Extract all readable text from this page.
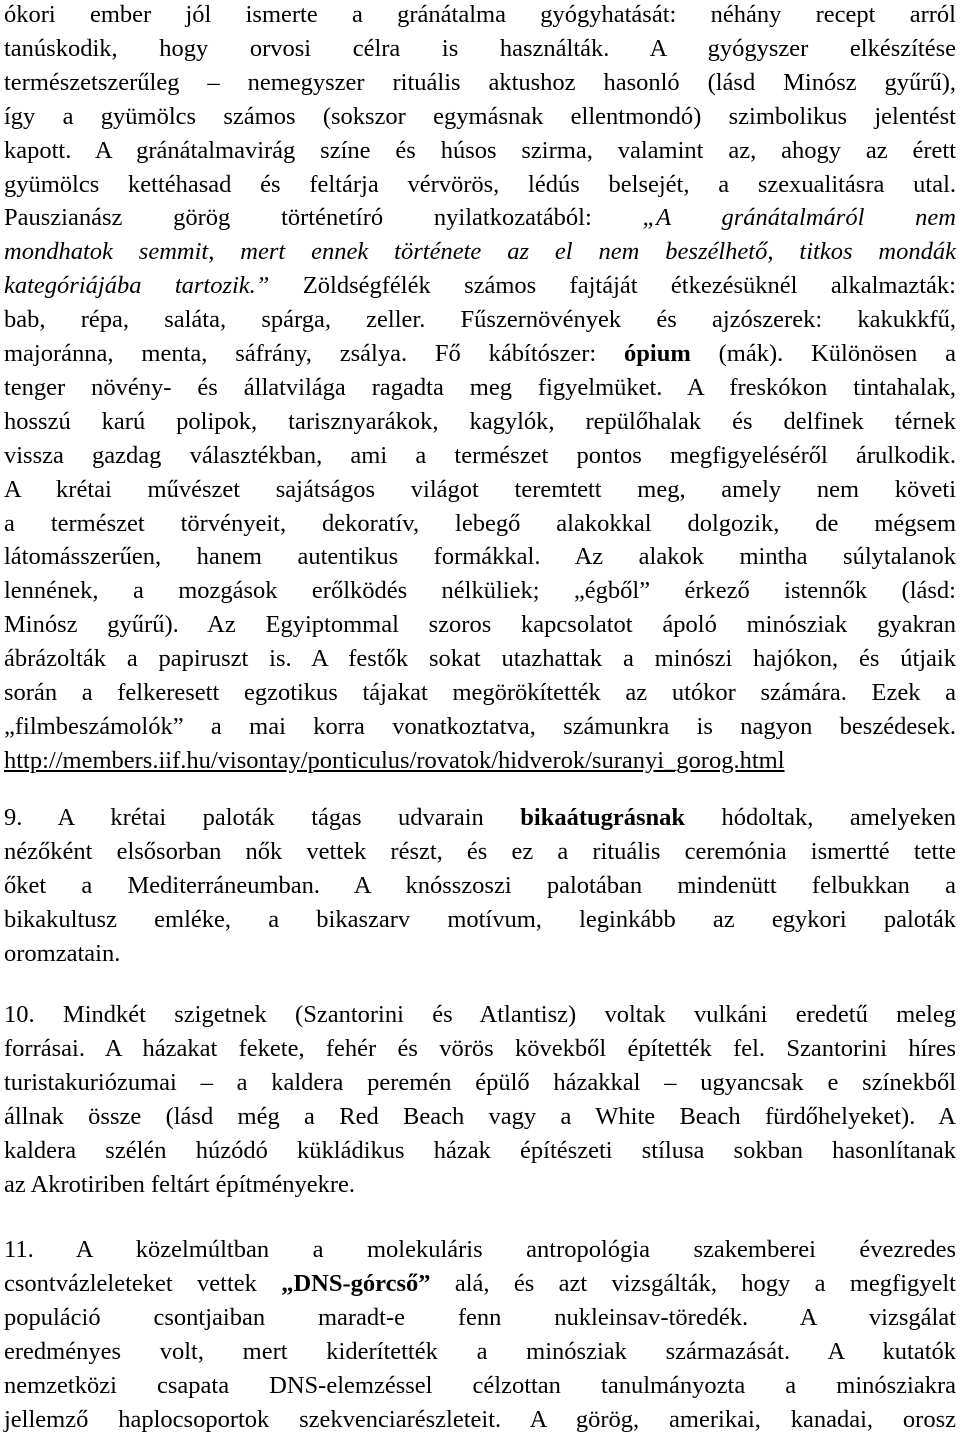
ókori ember jól ismerte a gránátalma gyógyhatását: néhány recept arról
tanúskodik, hogy orvosi célra is használták. A gyógyszer elkészítése
természetszerűleg – nemegyszer rituális aktushoz hasonló (lásd Minósz gyűrű),
így a gyümölcs számos (sokszor egymásnak ellentmondó) szimbolikus jelentést
kapott. A gránátalmavirág színe és húsos szirma, valamint az, ahogy az érett
gyümölcs kettéhasad és feltárja vérvörös, lédús belsejét, a szexualitásra utal.
Pauszianász görög történetíró nyilatkozatából: „A gránátalmáról nem
mondhatok semmit, mert ennek története az el nem beszélhető, titkos mondák
kategóriájába tartozik.” Zöldségfélék számos fajtáját étkezésüknél alkalmazták:
bab, répa, saláta, spárga, zeller. Fűszernövények és ajzószerek: kakukkfű,
majoránna, menta, sáfrány, zsálya. Fő kábítószer: ópium (mák). Különösen a
tenger növény- és állatvilága ragadta meg figyelmüket. A freskókon tintahalak,
hosszú karú polipok, tarisznyarákok, kagylók, repülőhalak és delfinek térnek
vissza gazdag választékban, ami a természet pontos megfigyeléséről árulkodik.
A krétai művészet sajátságos világot teremtett meg, amely nem követi
a természet törvényeit, dekoratív, lebegő alakokkal dolgozik, de mégsem
látomásszerűen, hanem autentikus formákkal. Az alakok mintha súlytalanok
lennének, a mozgások erőlködés nélküliek; „égből” érkező istennők (lásd:
Minósz gyűrű). Az Egyiptommal szoros kapcsolatot ápoló minósziak gyakran
ábrázolták a papiruszt is. A festők sokat utazhattak a minószi hajókon, és útjaik
során a felkeresett egzotikus tájakat megörökítették az utókor számára. Ezek a
„filmbeszámolók” a mai korra vonatkoztatva, számunkra is nagyon beszédesek.
http://members.iif.hu/visontay/ponticulus/rovatok/hidverok/suranyi_gorog.html
9. A krétai paloták tágas udvarain bikaátugrásnak hódoltak, amelyeken
nézőként elsősorban nők vettek részt, és ez a rituális ceremónia ismertté tette
őket a Mediterráneumban. A knósszoszi palotában mindenütt felbukkan a
bikakultusz emléke, a bikaszarv motívum, leginkább az egykori paloták
oromzatain.
10. Mindkét szigetnek (Szantorini és Atlantisz) voltak vulkáni eredetű meleg
forrásai. A házakat fekete, fehér és vörös kövekből építették fel. Szantorini híres
turistakuriózumai – a kaldera peremén épülő házakkal – ugyancsak e színekből
állnak össze (lásd még a Red Beach vagy a White Beach fürdőhelyeket). A
kaldera szélén húzódó kükládikus házak építészeti stílusa sokban hasonlítanak
az Akrotiriben feltárt építményekre.
11. A közelmúltban a molekuláris antropológia szakemberei évezredes
csontvázleleteket vettek „DNS-górcső” alá, és azt vizsgálták, hogy a megfigyelt
populáció csontjaiban maradt-e fenn nukleinsav-töredék. A vizsgálat
eredményes volt, mert kiderítették a minósziak származását. A kutatók
nemzetközi csapata DNS-elemzéssel célzottan tanulmányozta a minósziakra
jellemző haplocsoportok szekvenciarészleteit. A görög, amerikai, kanadai, orosz
